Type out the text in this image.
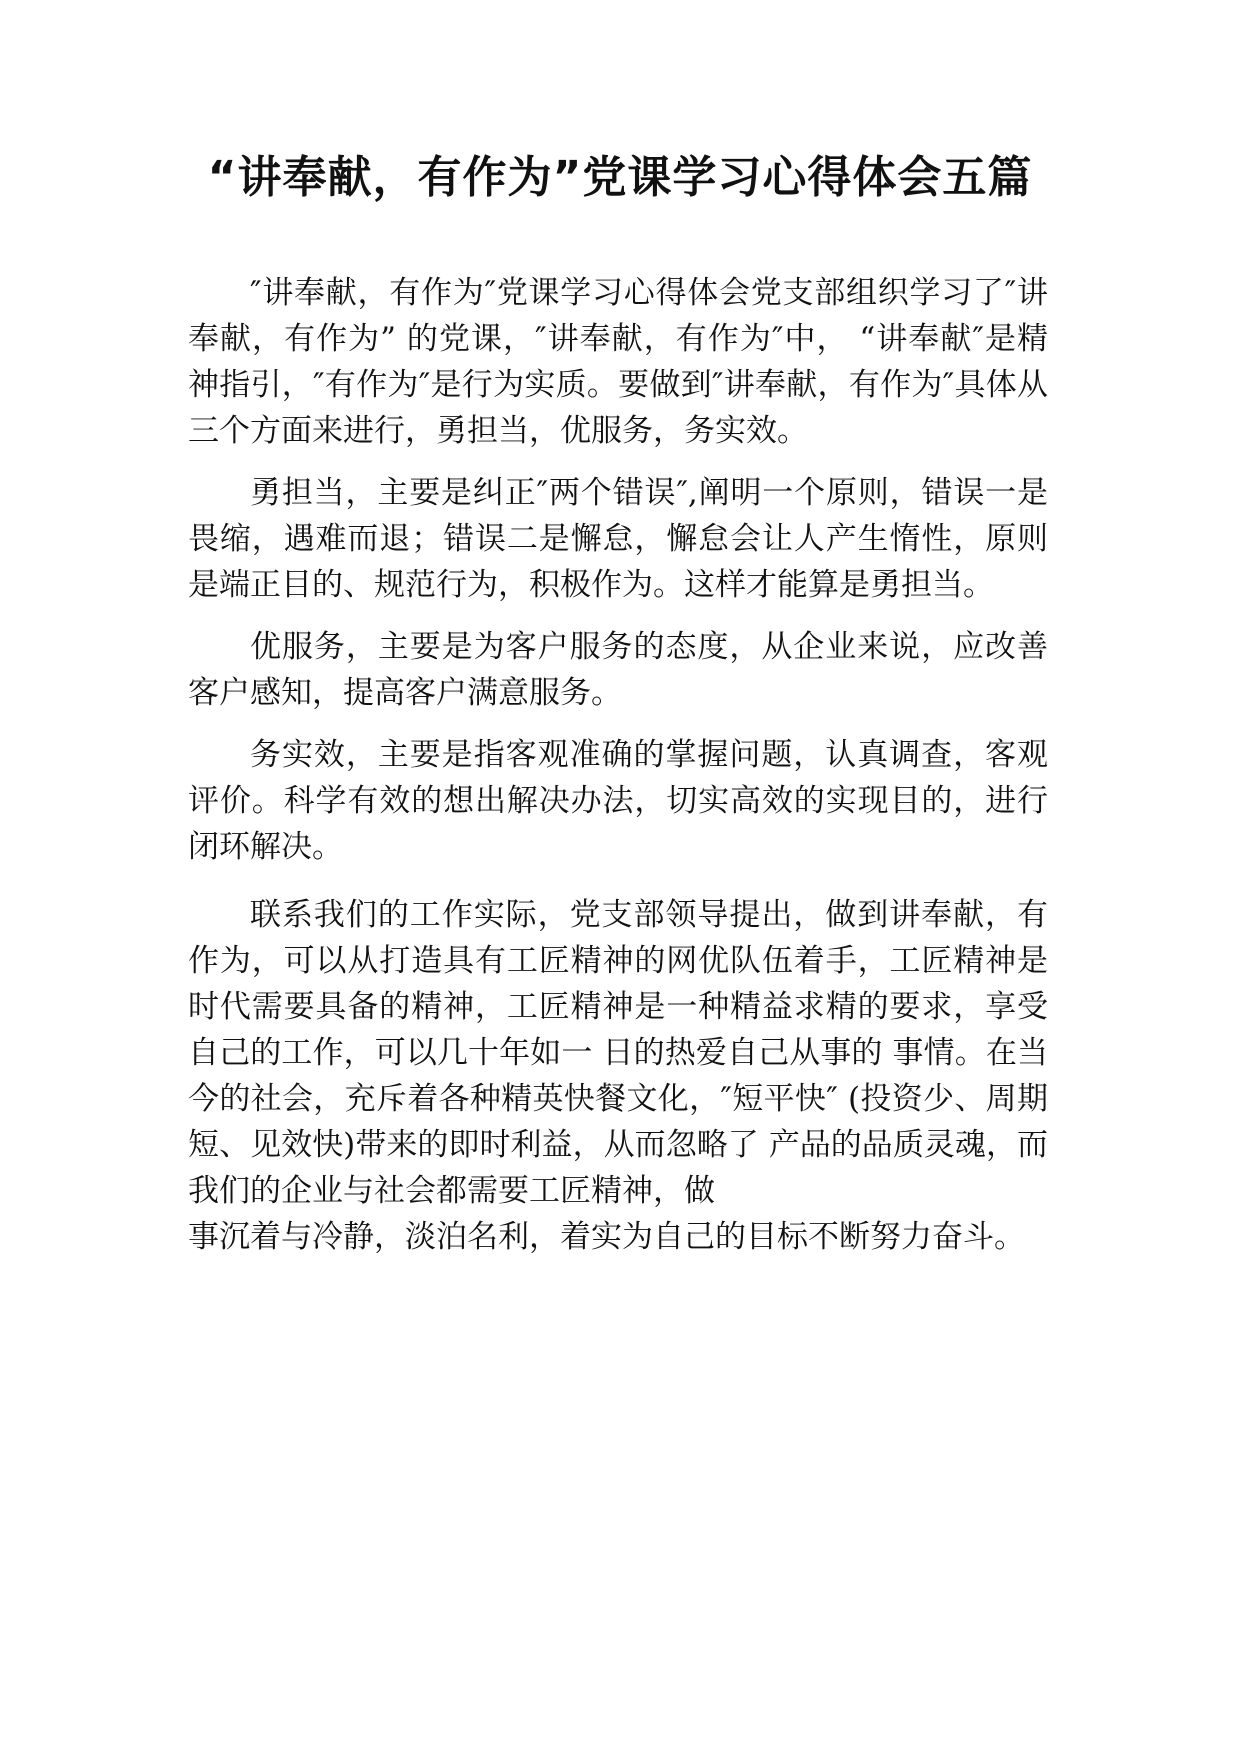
“讲奉献，有作为”党课学习心得体会五篇

″讲奉献，有作为″党课学习心得体会党支部组织学习了″讲奉献，有作为” 的党课，″讲奉献，有作为″中， “讲奉献″是精神指引，″有作为″是行为实质。要做到″讲奉献，有作为″具体从三个方面来进行，勇担当，优服务，务实效。

勇担当，主要是纠正″两个错误″,阐明一个原则，错误一是畏缩，遇难而退；错误二是懈怠，懈怠会让人产生惰性，原则是端正目的、规范行为，积极作为。这样才能算是勇担当。

优服务，主要是为客户服务的态度，从企业来说，应改善客户感知，提高客户满意服务。

务实效，主要是指客观准确的掌握问题，认真调查，客观评价。科学有效的想出解决办法，切实高效的实现目的，进行闭环解决。

联系我们的工作实际，党支部领导提出，做到讲奉献，有作为，可以从打造具有工匠精神的网优队伍着手，工匠精神是时代需要具备的精神，工匠精神是一种精益求精的要求，享受自己的工作，可以几十年如一 日的热爱自己从事的 事情。在当今的社会，充斥着各种精英快餐文化，″短平快″ (投资少、周期短、见效快)带来的即时利益，从而忽略了 产品的品质灵魂，而我们的企业与社会都需要工匠精神，做

事沉着与冷静，淡泊名利，着实为自己的目标不断努力奋斗。
